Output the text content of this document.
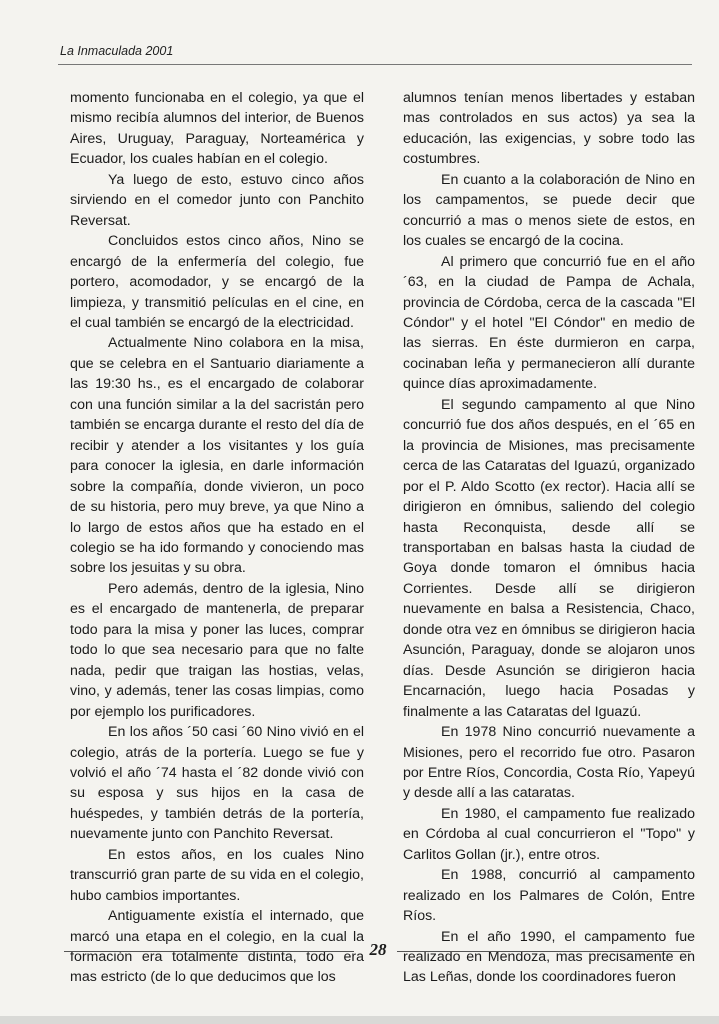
La Inmaculada 2001

momento funcionaba en el colegio, ya que el mismo recibía alumnos del interior, de Buenos Aires, Uruguay, Paraguay, Norteamérica y Ecuador, los cuales habían en el colegio.

Ya luego de esto, estuvo cinco años sirviendo en el comedor junto con Panchito Reversat.

Concluidos estos cinco años, Nino se encargó de la enfermería del colegio, fue portero, acomodador, y se encargó de la limpieza, y transmitió películas en el cine, en el cual también se encargó de la electricidad.

Actualmente Nino colabora en la misa, que se celebra en el Santuario diariamente a las 19:30 hs., es el encargado de colaborar con una función similar a la del sacristán pero también se encarga durante el resto del día de recibir y atender a los visitantes y los guía para conocer la iglesia, en darle información sobre la compañía, donde vivieron, un poco de su historia, pero muy breve, ya que Nino a lo largo de estos años que ha estado en el colegio se ha ido formando y conociendo mas sobre los jesuitas y su obra.

Pero además, dentro de la iglesia, Nino es el encargado de mantenerla, de preparar todo para la misa y poner las luces, comprar todo lo que sea necesario para que no falte nada, pedir que traigan las hostias, velas, vino, y además, tener las cosas limpias, como por ejemplo los purificadores.

En los años ´50 casi ´60 Nino vivió en el colegio, atrás de la portería. Luego se fue y volvió el año ´74 hasta el ´82 donde vivió con su esposa y sus hijos en la casa de huéspedes, y también detrás de la portería, nuevamente junto con Panchito Reversat.

En estos años, en los cuales Nino transcurrió gran parte de su vida en el colegio, hubo cambios importantes.

Antiguamente existía el internado, que marcó una etapa en el colegio, en la cual la formación era totalmente distinta, todo era mas estricto (de lo que deducimos que los

alumnos tenían menos libertades y estaban mas controlados en sus actos) ya sea la educación, las exigencias, y sobre todo las costumbres.

En cuanto a la colaboración de Nino en los campamentos, se puede decir que concurrió a mas o menos siete de estos, en los cuales se encargó de la cocina.

Al primero que concurrió fue en el año ´63, en la ciudad de Pampa de Achala, provincia de Córdoba, cerca de la cascada "El Cóndor" y el hotel "El Cóndor" en medio de las sierras. En éste durmieron en carpa, cocinaban leña y permanecieron allí durante quince días aproximadamente.

El segundo campamento al que Nino concurrió fue dos años después, en el ´65 en la provincia de Misiones, mas precisamente cerca de las Cataratas del Iguazú, organizado por el P. Aldo Scotto (ex rector). Hacia allí se dirigieron en ómnibus, saliendo del colegio hasta Reconquista, desde allí se transportaban en balsas hasta la ciudad de Goya donde tomaron el ómnibus hacia Corrientes. Desde allí se dirigieron nuevamente en balsa a Resistencia, Chaco, donde otra vez en ómnibus se dirigieron hacia Asunción, Paraguay, donde se alojaron unos días. Desde Asunción se dirigieron hacia Encarnación, luego hacia Posadas y finalmente a las Cataratas del Iguazú.

En 1978 Nino concurrió nuevamente a Misiones, pero el recorrido fue otro. Pasaron por Entre Ríos, Concordia, Costa Río, Yapeyú y desde allí a las cataratas.

En 1980, el campamento fue realizado en Córdoba al cual concurrieron el "Topo" y Carlitos Gollan (jr.), entre otros.

En 1988, concurrió al campamento realizado en los Palmares de Colón, Entre Ríos.

En el año 1990, el campamento fue realizado en Mendoza, mas precisamente en Las Leñas, donde los coordinadores fueron

28
